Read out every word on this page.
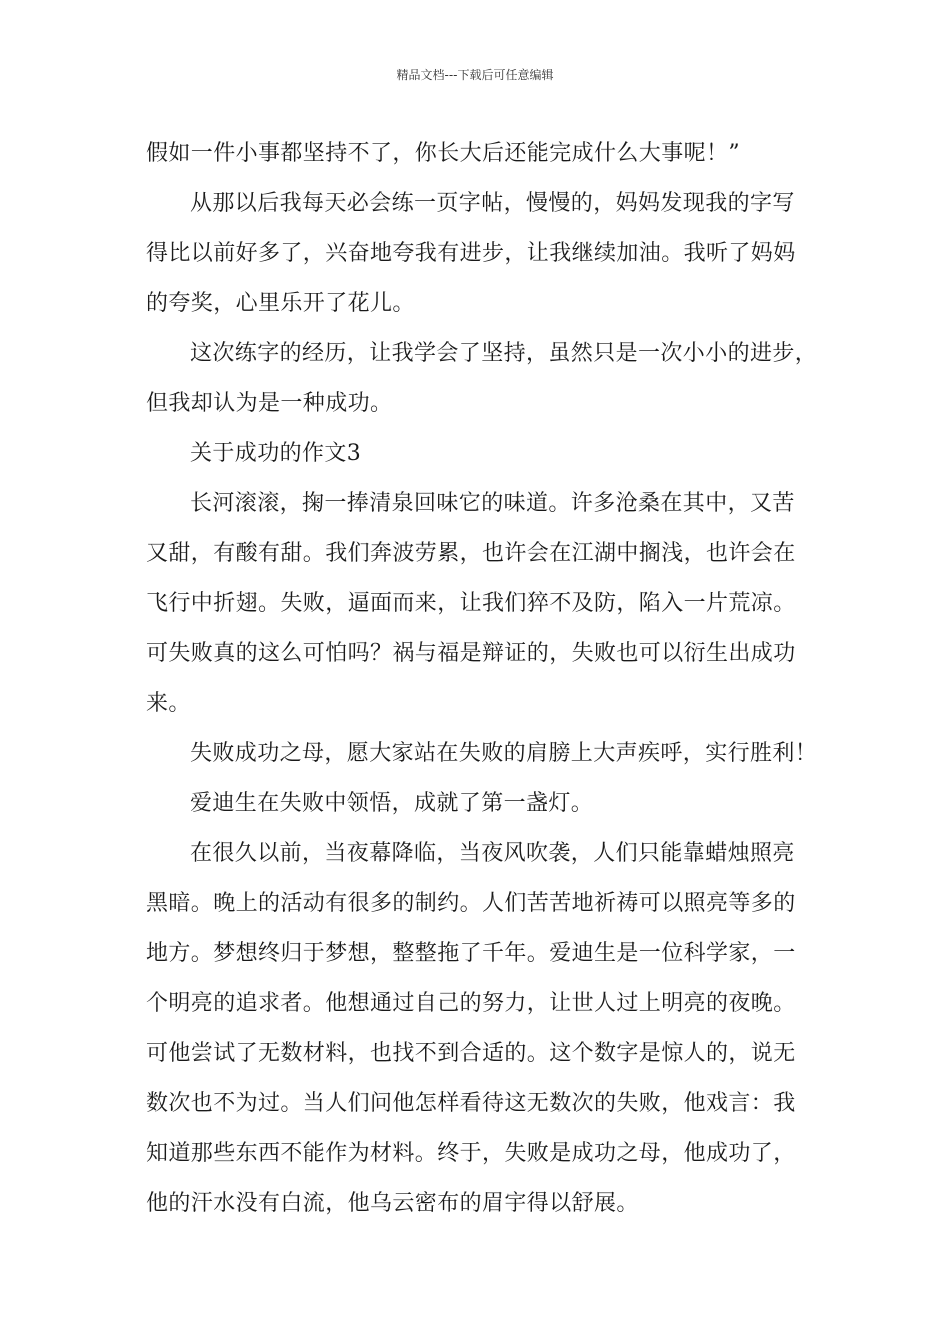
精品文档---下载后可任意编辑
假如一件小事都坚持不了，你长大后还能完成什么大事呢！”
从那以后我每天必会练一页字帖，慢慢的，妈妈发现我的字写
得比以前好多了，兴奋地夸我有进步，让我继续加油。我听了妈妈
的夸奖，心里乐开了花儿。
这次练字的经历，让我学会了坚持，虽然只是一次小小的进步，
但我却认为是一种成功。
关于成功的作文3
长河滚滚，掬一捧清泉回味它的味道。许多沧桑在其中，又苦
又甜，有酸有甜。我们奔波劳累，也许会在江湖中搁浅，也许会在
飞行中折翅。失败，逼面而来，让我们猝不及防，陷入一片荒凉。
可失败真的这么可怕吗？祸与福是辩证的，失败也可以衍生出成功
来。
失败成功之母，愿大家站在失败的肩膀上大声疾呼，实行胜利！
爱迪生在失败中领悟，成就了第一盏灯。
在很久以前，当夜幕降临，当夜风吹袭，人们只能靠蜡烛照亮
黑暗。晚上的活动有很多的制约。人们苦苦地祈祷可以照亮等多的
地方。梦想终归于梦想，整整拖了千年。爱迪生是一位科学家，一
个明亮的追求者。他想通过自己的努力，让世人过上明亮的夜晚。
可他尝试了无数材料，也找不到合适的。这个数字是惊人的，说无
数次也不为过。当人们问他怎样看待这无数次的失败，他戏言：我
知道那些东西不能作为材料。终于，失败是成功之母，他成功了，
他的汗水没有白流，他乌云密布的眉宇得以舒展。
